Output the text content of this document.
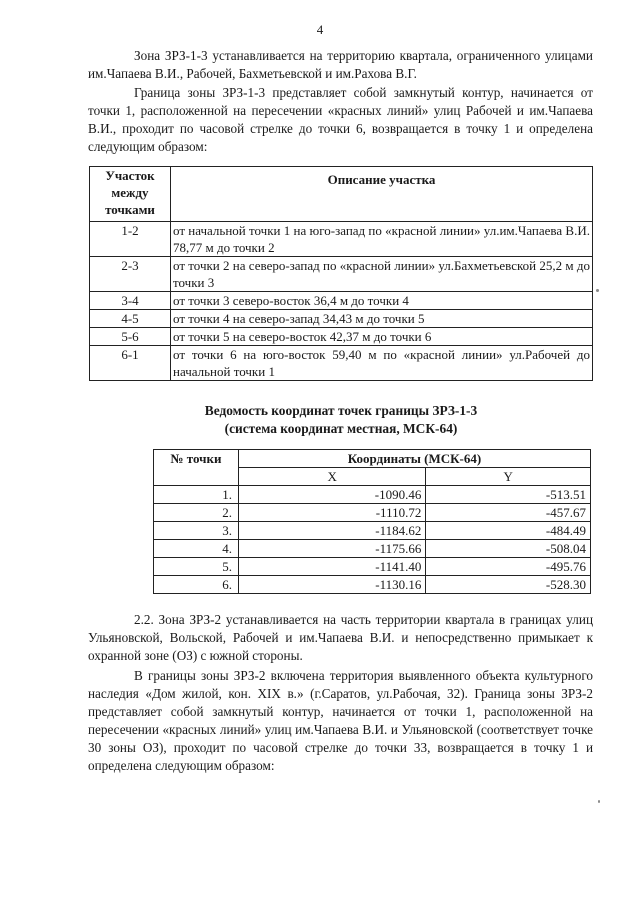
4

Зона ЗРЗ-1-3 устанавливается на территорию квартала, ограниченного улицами им.Чапаева В.И., Рабочей, Бахметьевской и им.Рахова В.Г.

Граница зоны ЗРЗ-1-3 представляет собой замкнутый контур, начинается от точки 1, расположенной на пересечении «красных линий» улиц Рабочей и им.Чапаева В.И., проходит по часовой стрелке до точки 6, возвращается в точку 1 и определена следующим образом:

Участок между точками	Описание участка
1-2	от начальной точки 1 на юго-запад по «красной линии» ул.им.Чапаева В.И. 78,77 м до точки 2
2-3	от точки 2 на северо-запад по «красной линии» ул.Бахметьевской 25,2 м до точки 3
3-4	от точки 3 северо-восток 36,4 м до точки 4
4-5	от точки 4 на северо-запад 34,43 м до точки 5
5-6	от точки 5 на северо-восток 42,37 м до точки 6
6-1	от точки 6 на юго-восток 59,40 м по «красной линии» ул.Рабочей до начальной точки 1
Ведомость координат точек границы ЗРЗ-1-3
(система координат местная, МСК-64)
№ точки	Координаты (МСК-64)	
	X	Y
1.	-1090.46	-513.51
2.	-1110.72	-457.67
3.	-1184.62	-484.49
4.	-1175.66	-508.04
5.	-1141.40	-495.76
6.	-1130.16	-528.30

2.2. Зона ЗРЗ-2 устанавливается на часть территории квартала в границах улиц Ульяновской, Вольской, Рабочей и им.Чапаева В.И. и непосредственно примыкает к охранной зоне (ОЗ) с южной стороны.

В границы зоны ЗРЗ-2 включена территория выявленного объекта культурного наследия «Дом жилой, кон. XIX в.» (г.Саратов, ул.Рабочая, 32). Граница зоны ЗРЗ-2 представляет собой замкнутый контур, начинается от точки 1, расположенной на пересечении «красных линий» улиц им.Чапаева В.И. и Ульяновской (соответствует точке 30 зоны ОЗ), проходит по часовой стрелке до точки 33, возвращается в точку 1 и определена следующим образом:
